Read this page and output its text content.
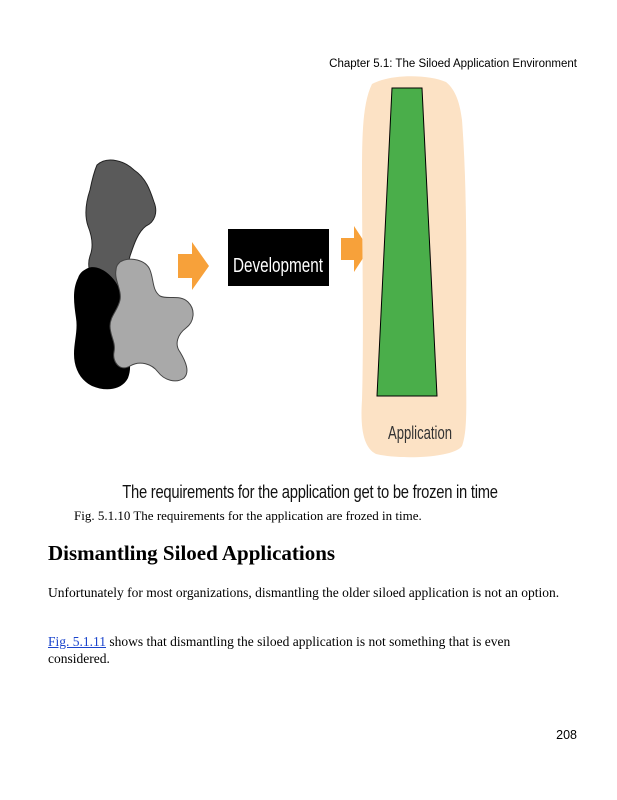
Chapter 5.1: The Siloed Application Environment
Development
Application
The requirements for the application get to be frozen in time
Fig. 5.1.10 The requirements for the application are frozed in time.
Dismantling Siloed Applications

Unfortunately for most organizations, dismantling the older siloed application is not an option.

Fig. 5.1.11 shows that dismantling the siloed application is not something that is even considered.

208
